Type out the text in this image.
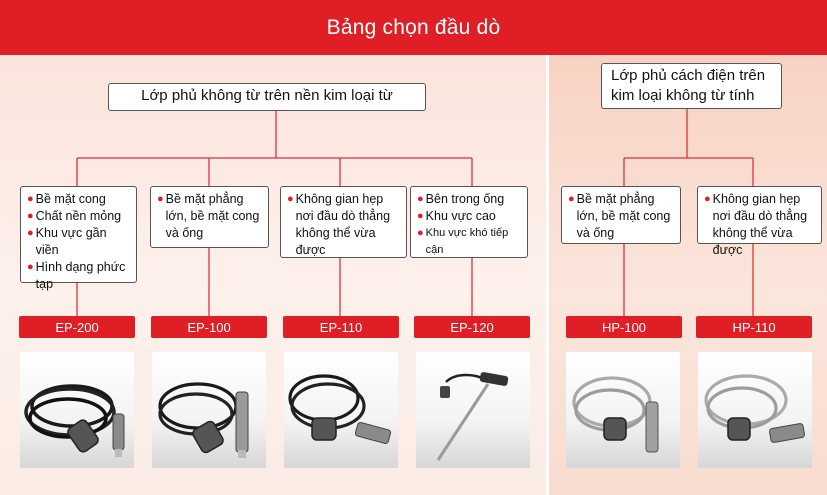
Bảng chọn đầu dò
Lớp phủ không từ trên nền kim loại từ
Lớp phủ cách điện trên
kim loại không từ tính
● Bề mặt cong
● Chất nền mỏng
● Khu vực gần viền
● Hình dạng phức tạp
● Bề mặt phẳng lớn, bề mặt cong và ống
● Không gian hẹp nơi đầu dò thẳng không thể vừa được
● Bên trong ống
● Khu vực cao
● Khu vực khó tiếp cận
● Bề mặt phẳng lớn, bề mặt cong và ống
● Không gian hẹp nơi đầu dò thẳng không thể vừa được
EP-200	EP-100	EP-110	EP-120	HP-100	HP-110
